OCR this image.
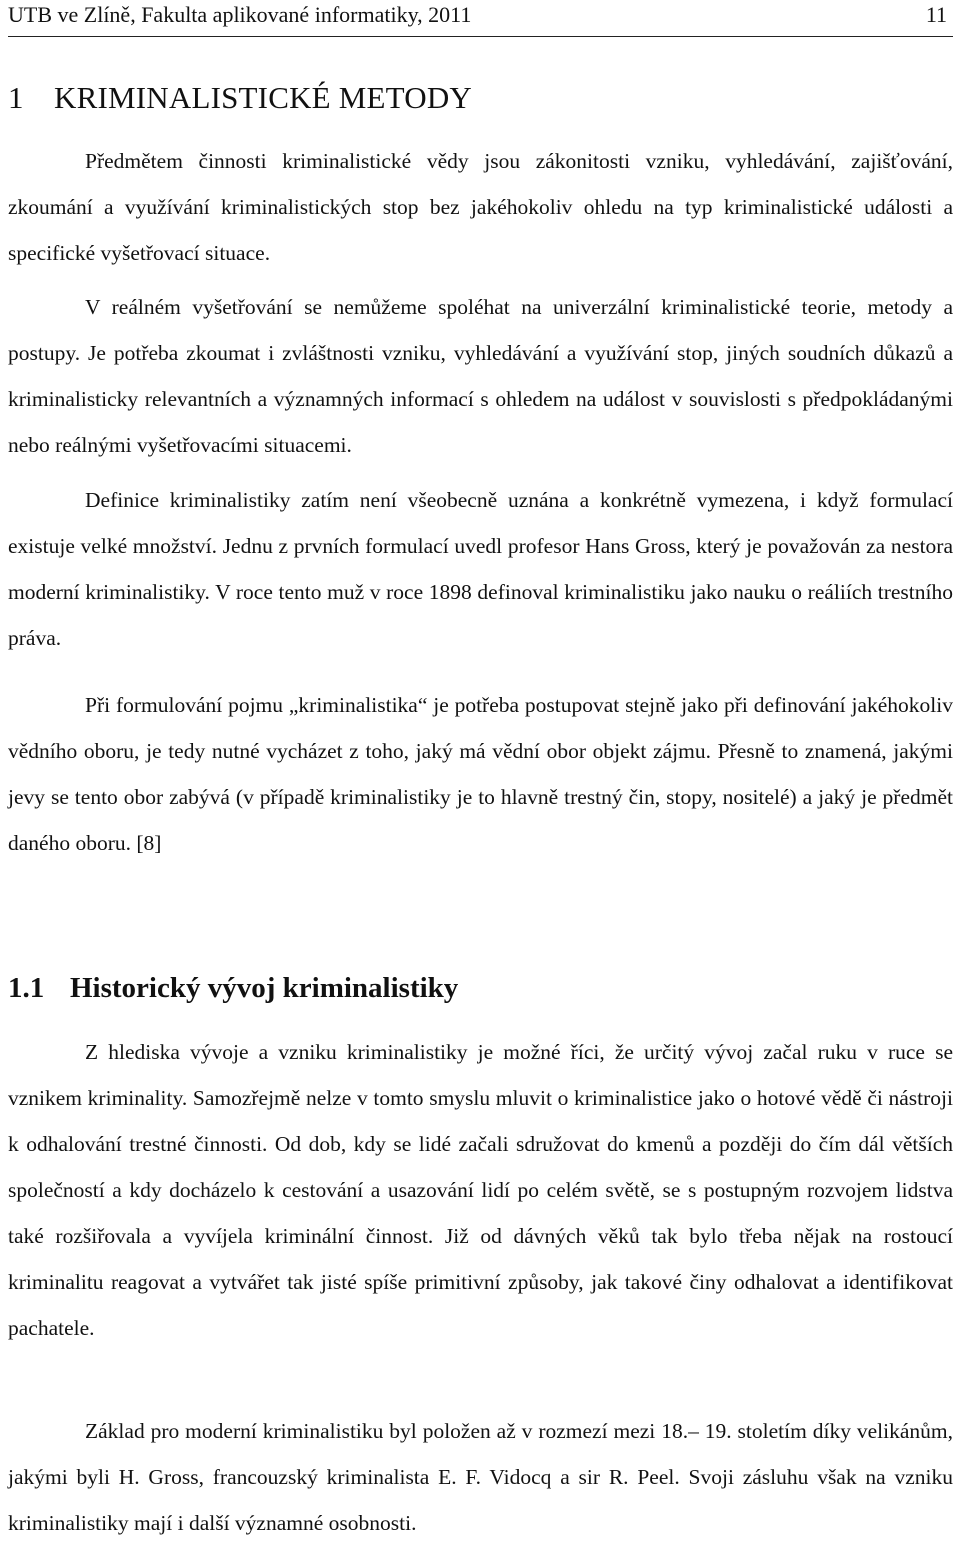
UTB ve Zlíně, Fakulta aplikované informatiky, 2011	11
1 KRIMINALISTICKÉ METODY

Předmětem činnosti kriminalistické vědy jsou zákonitosti vzniku, vyhledávání, zajišťování, zkoumání a využívání kriminalistických stop bez jakéhokoliv ohledu na typ kriminalistické události a specifické vyšetřovací situace.

V reálném vyšetřování se nemůžeme spoléhat na univerzální kriminalistické teorie, metody a postupy. Je potřeba zkoumat i zvláštnosti vzniku, vyhledávání a využívání stop, jiných soudních důkazů a kriminalisticky relevantních a významných informací s ohledem na událost v souvislosti s předpokládanými nebo reálnými vyšetřovacími situacemi.

Definice kriminalistiky zatím není všeobecně uznána a konkrétně vymezena, i když formulací existuje velké množství. Jednu z prvních formulací uvedl profesor Hans Gross, který je považován za nestora moderní kriminalistiky. V roce tento muž v roce 1898 definoval kriminalistiku jako nauku o reáliích trestního práva.

Při formulování pojmu „kriminalistika“ je potřeba postupovat stejně jako při definování jakéhokoliv vědního oboru, je tedy nutné vycházet z toho, jaký má vědní obor objekt zájmu. Přesně to znamená, jakými jevy se tento obor zabývá (v případě kriminalistiky je to hlavně trestný čin, stopy, nositelé) a jaký je předmět daného oboru. [8]

1.1 Historický vývoj kriminalistiky

Z hlediska vývoje a vzniku kriminalistiky je možné říci, že určitý vývoj začal ruku v ruce se vznikem kriminality. Samozřejmě nelze v tomto smyslu mluvit o kriminalistice jako o hotové vědě či nástroji k odhalování trestné činnosti. Od dob, kdy se lidé začali sdružovat do kmenů a později do čím dál větších společností a kdy docházelo k cestování a usazování lidí po celém světě, se s postupným rozvojem lidstva také rozšiřovala a vyvíjela kriminální činnost. Již od dávných věků tak bylo třeba nějak na rostoucí kriminalitu reagovat a vytvářet tak jisté spíše primitivní způsoby, jak takové činy odhalovat a identifikovat pachatele.

Základ pro moderní kriminalistiku byl položen až v rozmezí mezi 18.– 19. stoletím díky velikánům, jakými byli H. Gross, francouzský kriminalista E. F. Vidocq a sir R. Peel. Svoji zásluhu však na vzniku kriminalistiky mají i další významné osobnosti.
